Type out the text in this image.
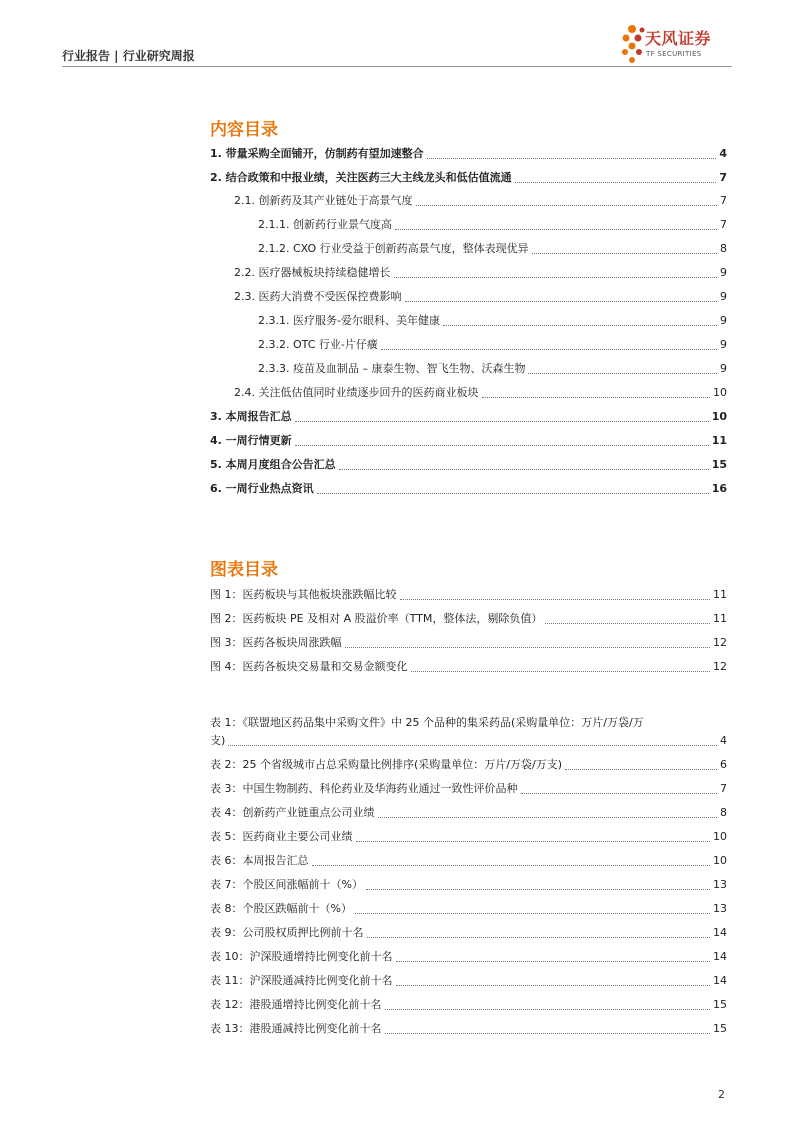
行业报告 | 行业研究周报
天风证券
TF SECURITIES
内容目录
1. 带量采购全面铺开，仿制药有望加速整合	4
2. 结合政策和中报业绩，关注医药三大主线龙头和低估值流通	7
2.1. 创新药及其产业链处于高景气度	7
2.1.1. 创新药行业景气度高	7
2.1.2. CXO 行业受益于创新药高景气度，整体表现优异	8
2.2. 医疗器械板块持续稳健增长	9
2.3. 医药大消费不受医保控费影响	9
2.3.1. 医疗服务-爱尔眼科、美年健康	9
2.3.2. OTC 行业-片仔癀	9
2.3.3. 疫苗及血制品 – 康泰生物、智飞生物、沃森生物	9
2.4. 关注低估值同时业绩逐步回升的医药商业板块	10
3. 本周报告汇总	10
4. 一周行情更新	11
5. 本周月度组合公告汇总	15
6. 一周行业热点资讯	16
图表目录
图 1：医药板块与其他板块涨跌幅比较	11
图 2：医药板块 PE 及相对 A 股溢价率（TTM，整体法，剔除负值）	11
图 3：医药各板块周涨跌幅	12
图 4：医药各板块交易量和交易金额变化	12
表 1：《联盟地区药品集中采购文件》中 25 个品种的集采药品(采购量单位：万片/万袋/万
支)	4
表 2：25 个省级城市占总采购量比例排序(采购量单位：万片/万袋/万支)	6
表 3：中国生物制药、科伦药业及华海药业通过一致性评价品种	7
表 4：创新药产业链重点公司业绩	8
表 5：医药商业主要公司业绩	10
表 6：本周报告汇总	10
表 7：个股区间涨幅前十（%）	13
表 8：个股区跌幅前十（%）	13
表 9：公司股权质押比例前十名	14
表 10：沪深股通增持比例变化前十名	14
表 11：沪深股通减持比例变化前十名	14
表 12：港股通增持比例变化前十名	15
表 13：港股通减持比例变化前十名	15
2
